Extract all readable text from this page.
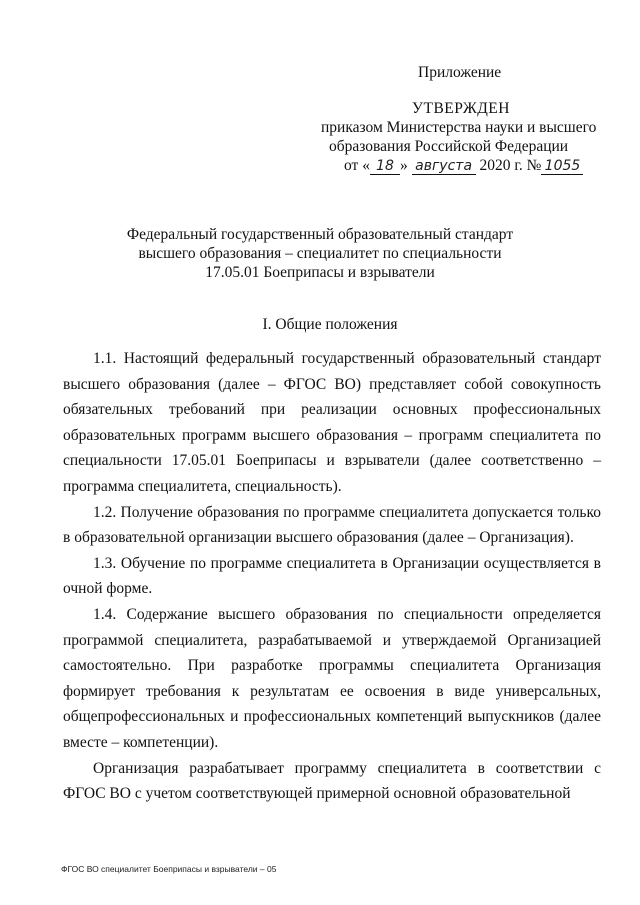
Приложение
УТВЕРЖДЕН
приказом Министерства науки и высшего
образования Российской Федерации
от « 18 » августа 2020 г. № 1055
Федеральный государственный образовательный стандарт
высшего образования – специалитет по специальности
17.05.01 Боеприпасы и взрыватели
I. Общие положения

1.1. Настоящий федеральный государственный образовательный стандарт высшего образования (далее – ФГОС ВО) представляет собой совокупность обязательных требований при реализации основных профессиональных образовательных программ высшего образования – программ специалитета по специальности 17.05.01 Боеприпасы и взрыватели (далее соответственно – программа специалитета, специальность).

1.2. Получение образования по программе специалитета допускается только в образовательной организации высшего образования (далее – Организация).

1.3. Обучение по программе специалитета в Организации осуществляется в очной форме.

1.4. Содержание высшего образования по специальности определяется программой специалитета, разрабатываемой и утверждаемой Организацией самостоятельно. При разработке программы специалитета Организация формирует требования к результатам ее освоения в виде универсальных, общепрофессиональных и профессиональных компетенций выпускников (далее вместе – компетенции).

Организация разрабатывает программу специалитета в соответствии с ФГОС ВО с учетом соответствующей примерной основной образовательной

ФГОС ВО специалитет Боеприпасы и взрыватели – 05
